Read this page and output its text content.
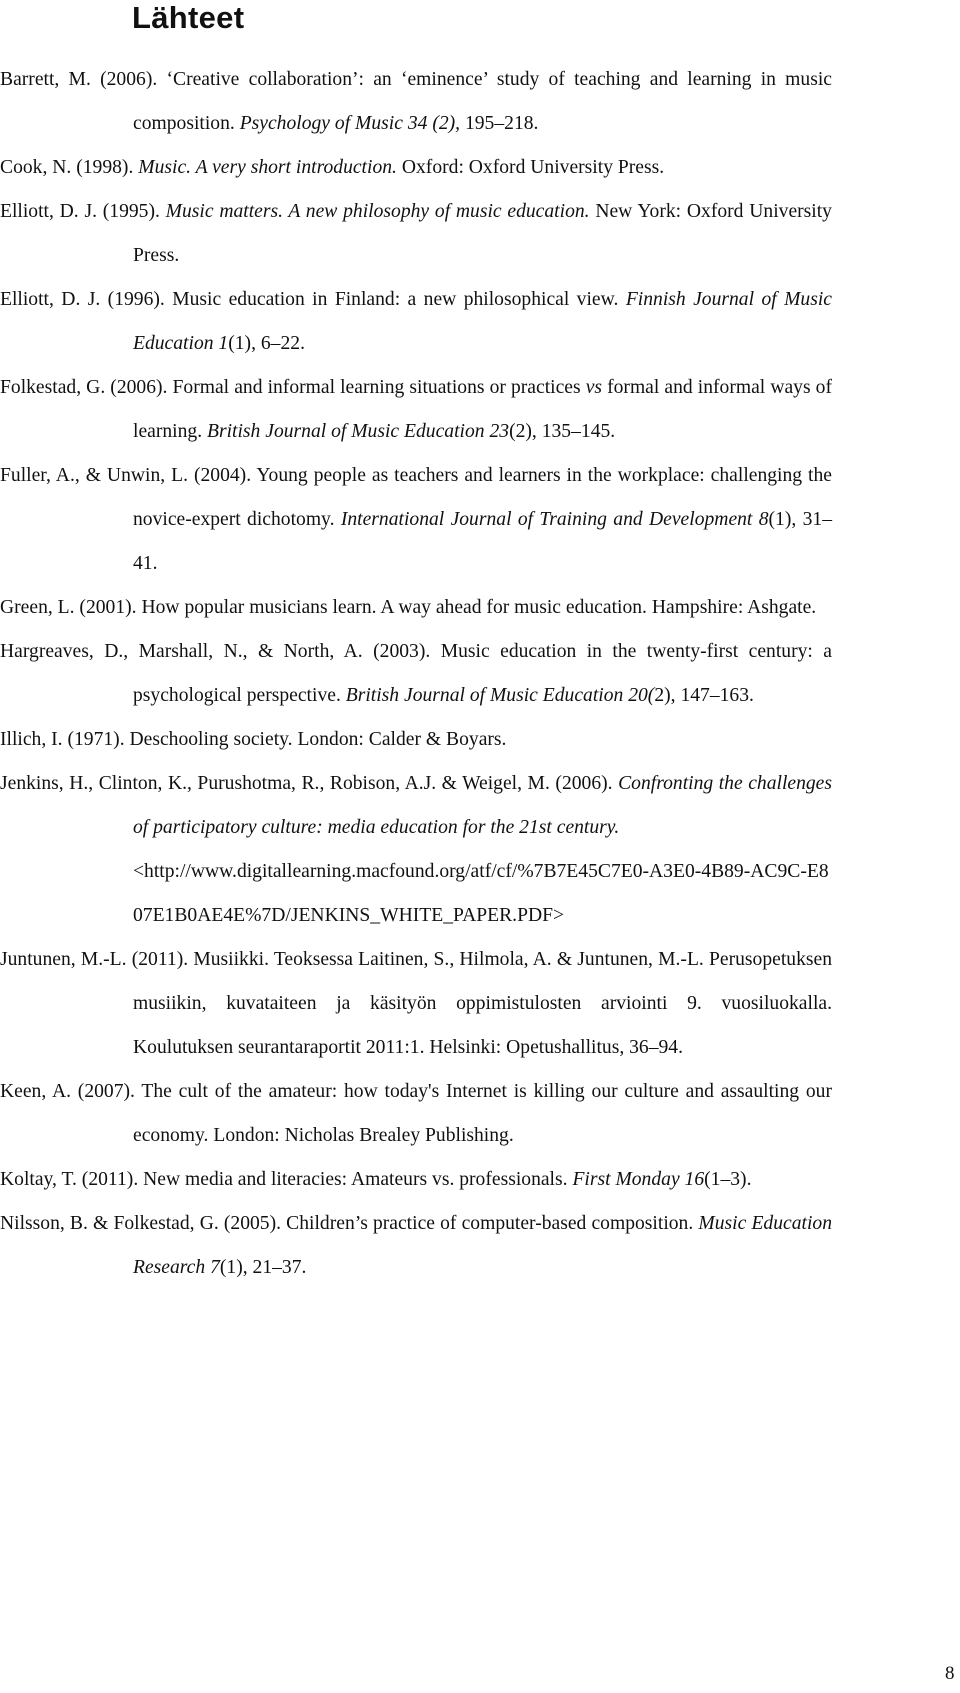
Lähteet
Barrett, M. (2006). ‘Creative collaboration’: an ‘eminence’ study of teaching and learning in music composition. Psychology of Music 34 (2), 195–218.
Cook, N. (1998). Music. A very short introduction. Oxford: Oxford University Press.
Elliott, D. J. (1995). Music matters. A new philosophy of music education. New York: Oxford University Press.
Elliott, D. J. (1996). Music education in Finland: a new philosophical view. Finnish Journal of Music Education 1(1), 6–22.
Folkestad, G. (2006). Formal and informal learning situations or practices vs formal and informal ways of learning. British Journal of Music Education 23(2), 135–145.
Fuller, A., & Unwin, L. (2004). Young people as teachers and learners in the workplace: challenging the novice-expert dichotomy. International Journal of Training and Development 8(1), 31–41.
Green, L. (2001). How popular musicians learn. A way ahead for music education. Hampshire: Ashgate.
Hargreaves, D., Marshall, N., & North, A. (2003). Music education in the twenty-first century: a psychological perspective. British Journal of Music Education 20(2), 147–163.
Illich, I. (1971). Deschooling society. London: Calder & Boyars.
Jenkins, H., Clinton, K., Purushotma, R., Robison, A.J. & Weigel, M. (2006). Confronting the challenges of participatory culture: media education for the 21st century.
<http://www.digitallearning.macfound.org/atf/cf/%7B7E45C7E0-A3E0-4B89-AC9C-E807E1B0AE4E%7D/JENKINS_WHITE_PAPER.PDF>
Juntunen, M.-L. (2011). Musiikki. Teoksessa Laitinen, S., Hilmola, A. & Juntunen, M.-L. Perusopetuksen musiikin, kuvataiteen ja käsityön oppimistulosten arviointi 9. vuosiluokalla. Koulutuksen seurantaraportit 2011:1. Helsinki: Opetushallitus, 36–94.
Keen, A. (2007). The cult of the amateur: how today's Internet is killing our culture and assaulting our economy. London: Nicholas Brealey Publishing.
Koltay, T. (2011). New media and literacies: Amateurs vs. professionals. First Monday 16(1–3).
Nilsson, B. & Folkestad, G. (2005). Children’s practice of computer-based composition. Music Education Research 7(1), 21–37.
8
